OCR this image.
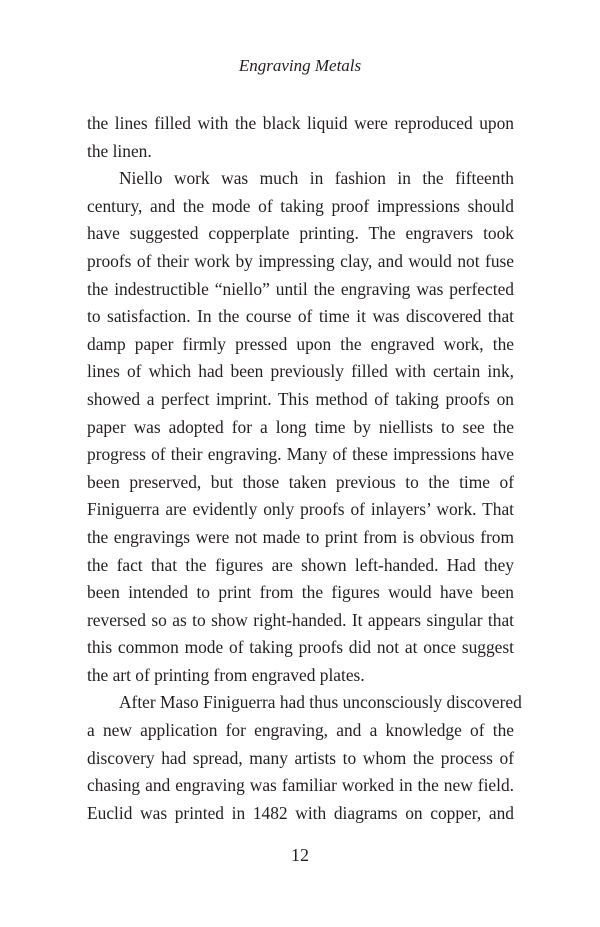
Engraving Metals

the lines filled with the black liquid were reproduced upon
the linen.

Niello work was much in fashion in the fifteenth
century, and the mode of taking proof impressions should
have suggested copperplate printing. The engravers took
proofs of their work by impressing clay, and would not fuse
the indestructible “niello” until the engraving was perfected
to satisfaction. In the course of time it was discovered that
damp paper firmly pressed upon the engraved work, the
lines of which had been previously filled with certain ink,
showed a perfect imprint. This method of taking proofs on
paper was adopted for a long time by niellists to see the
progress of their engraving. Many of these impressions have
been preserved, but those taken previous to the time of
Finiguerra are evidently only proofs of inlayers’ work. That
the engravings were not made to print from is obvious from
the fact that the figures are shown left-handed. Had they
been intended to print from the figures would have been
reversed so as to show right-handed. It appears singular that
this common mode of taking proofs did not at once suggest
the art of printing from engraved plates.

After Maso Finiguerra had thus unconsciously discovered
a new application for engraving, and a knowledge of the
discovery had spread, many artists to whom the process of
chasing and engraving was familiar worked in the new field.
Euclid was printed in 1482 with diagrams on copper, and

12
